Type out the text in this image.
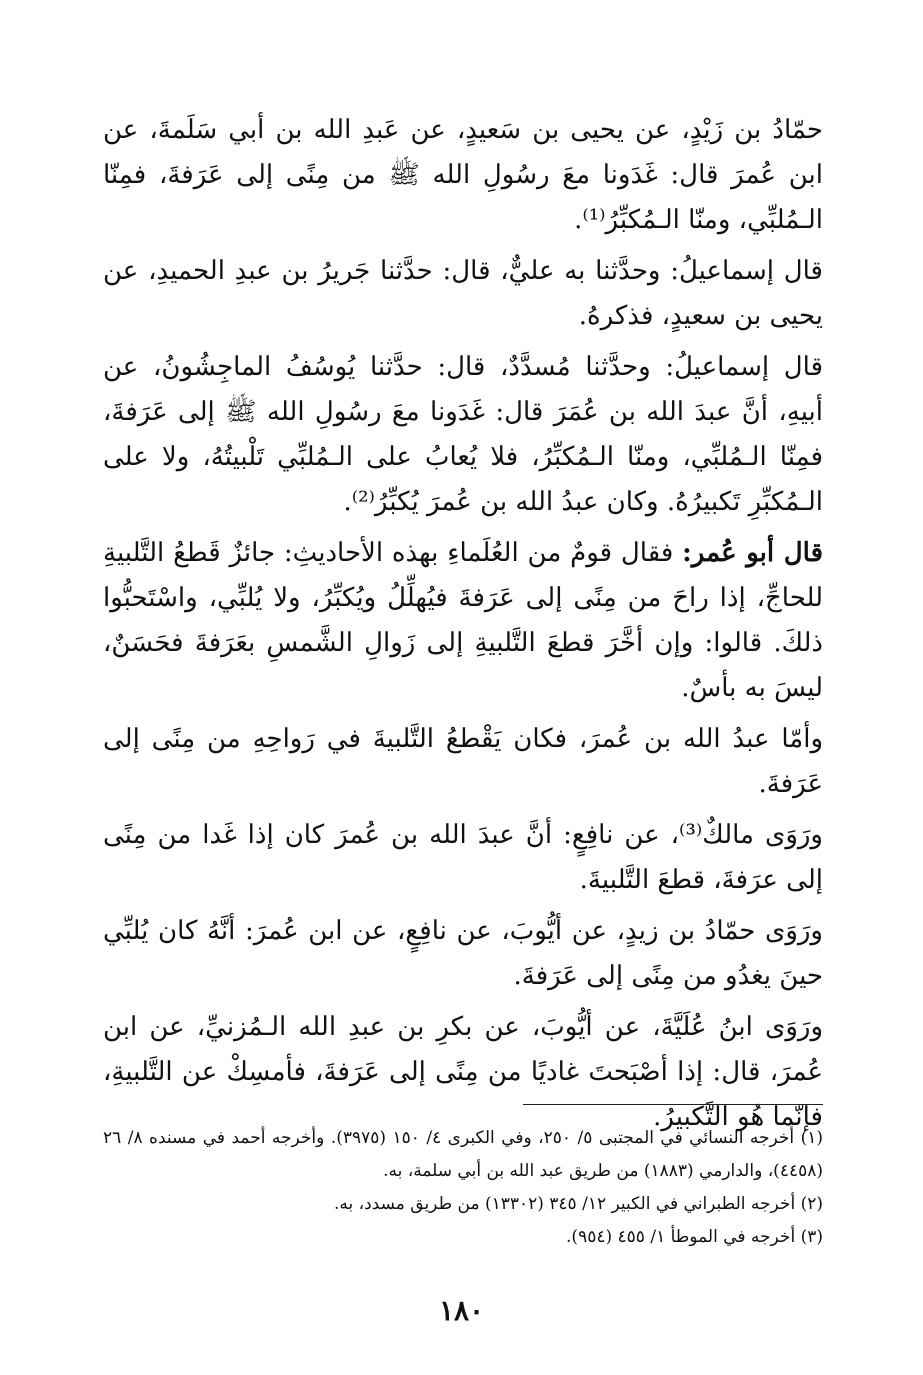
حمّادُ بن زَيْدٍ، عن يحيى بن سَعيدٍ، عن عَبدِ الله بن أبي سَلَمةَ، عن ابن عُمرَ قال: غَدَونا معَ رسُولِ الله ﷺ من مِنًى إلى عَرَفةَ، فمِنّا الـمُلبِّي، ومنّا الـمُكبِّرُ⁽¹⁾.

قال إسماعيلُ: وحدَّثنا به عليٌّ، قال: حدَّثنا جَريرُ بن عبدِ الحميدِ، عن يحيى بن سعيدٍ، فذكرهُ.

قال إسماعيلُ: وحدَّثنا مُسدَّدٌ، قال: حدَّثنا يُوسُفُ الماجِشُونُ، عن أبيهِ، أنَّ عبدَ الله بن عُمَرَ قال: غَدَونا معَ رسُولِ الله ﷺ إلى عَرَفةَ، فمِنّا الـمُلبِّي، ومنّا الـمُكبِّرُ، فلا يُعابُ على الـمُلبِّي تَلْبيتُهُ، ولا على الـمُكبِّرِ تَكبيرُهُ. وكان عبدُ الله بن عُمرَ يُكبِّرُ⁽²⁾.

قال أبو عُمر: فقال قومٌ من العُلَماءِ بهذه الأحاديثِ: جائزٌ قَطعُ التَّلبيةِ للحاجِّ، إذا راحَ من مِنًى إلى عَرَفةَ فيُهلِّلُ ويُكبِّرُ، ولا يُلبِّي، واسْتَحبُّوا ذلكَ. قالوا: وإن أخَّرَ قطعَ التَّلبيةِ إلى زَوالِ الشَّمسِ بعَرَفةَ فحَسَنٌ، ليسَ به بأسٌ.

وأمّا عبدُ الله بن عُمرَ، فكان يَقْطعُ التَّلبيةَ في رَواحِهِ من مِنًى إلى عَرَفةَ.

ورَوَى مالكٌ⁽³⁾، عن نافِعٍ: أنَّ عبدَ الله بن عُمرَ كان إذا غَدا من مِنًى إلى عرَفةَ، قطعَ التَّلبيةَ.

ورَوَى حمّادُ بن زيدٍ، عن أيُّوبَ، عن نافِعٍ، عن ابن عُمرَ: أنَّهُ كان يُلبِّي حينَ يغدُو من مِنًى إلى عَرَفةَ.

ورَوَى ابنُ عُلَيَّةَ، عن أيُّوبَ، عن بكرِ بن عبدِ الله الـمُزنيِّ، عن ابن عُمرَ، قال: إذا أصْبَحتَ غاديًا من مِنًى إلى عَرَفةَ، فأمسِكْ عن التَّلبيةِ، فإنّما هُو التَّكبيرُ.

(١) أخرجه النسائي في المجتبى ٥/ ٢٥٠، وفي الكبرى ٤/ ١٥٠ (٣٩٧٥). وأخرجه أحمد في مسنده ٨/ ٢٦ (٤٤٥٨)، والدارمي (١٨٨٣) من طريق عبد الله بن أبي سلمة، به.

(٢) أخرجه الطبراني في الكبير ١٢/ ٣٤٥ (١٣٣٠٢) من طريق مسدد، به.

(٣) أخرجه في الموطأ ١/ ٤٥٥ (٩٥٤).

١٨٠
